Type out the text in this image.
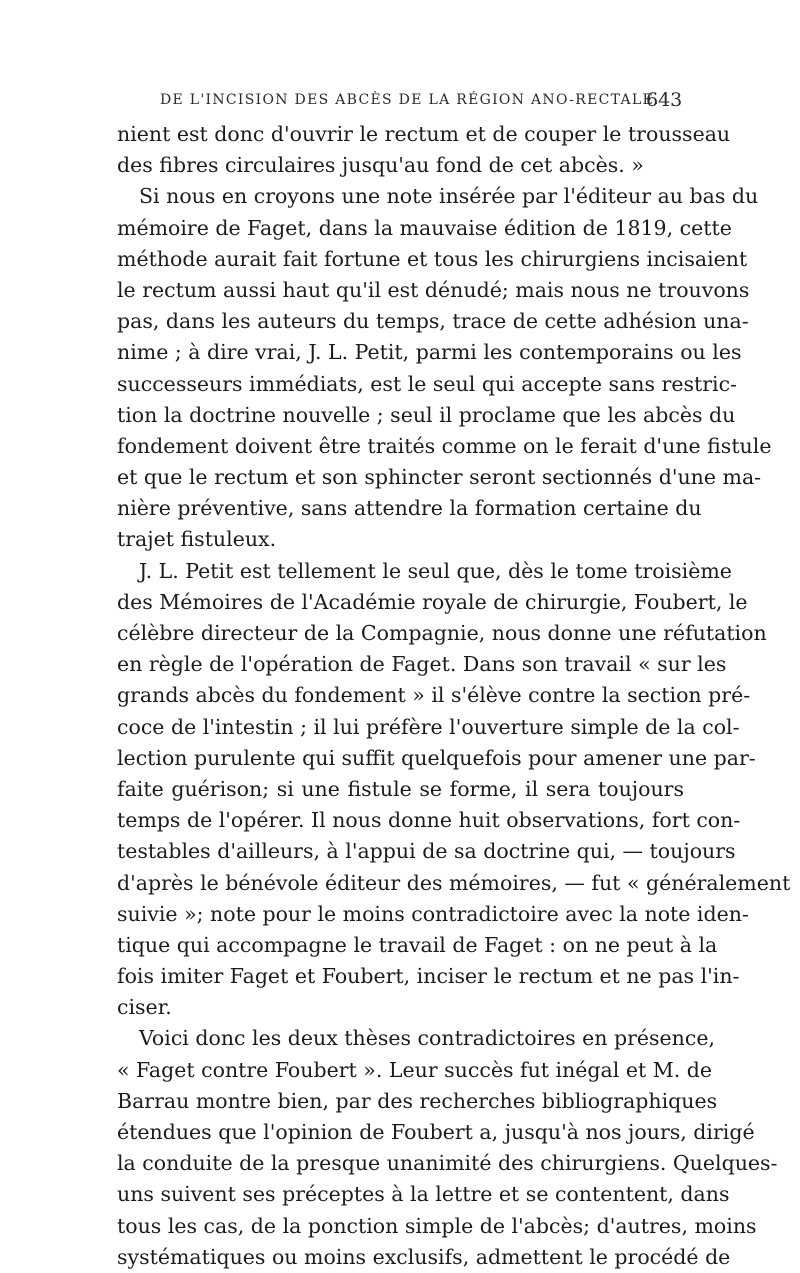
DE L'INCISION DES ABCÈS DE LA RÉGION ANO-RECTALE.
643
nient est donc d'ouvrir le rectum et de couper le trousseau
des fibres circulaires jusqu'au fond de cet abcès. »
Si nous en croyons une note insérée par l'éditeur au bas du
mémoire de Faget, dans la mauvaise édition de 1819, cette
méthode aurait fait fortune et tous les chirurgiens incisaient
le rectum aussi haut qu'il est dénudé; mais nous ne trouvons
pas, dans les auteurs du temps, trace de cette adhésion una-
nime ; à dire vrai, J. L. Petit, parmi les contemporains ou les
successeurs immédiats, est le seul qui accepte sans restric-
tion la doctrine nouvelle ; seul il proclame que les abcès du
fondement doivent être traités comme on le ferait d'une fistule
et que le rectum et son sphincter seront sectionnés d'une ma-
nière préventive, sans attendre la formation certaine du
trajet fistuleux.
J. L. Petit est tellement le seul que, dès le tome troisième
des Mémoires de l'Académie royale de chirurgie, Foubert, le
célèbre directeur de la Compagnie, nous donne une réfutation
en règle de l'opération de Faget. Dans son travail « sur les
grands abcès du fondement » il s'élève contre la section pré-
coce de l'intestin ; il lui préfère l'ouverture simple de la col-
lection purulente qui suffit quelquefois pour amener une par-
faite guérison; si une fistule se forme, il sera toujours
temps de l'opérer. Il nous donne huit observations, fort con-
testables d'ailleurs, à l'appui de sa doctrine qui, — toujours
d'après le bénévole éditeur des mémoires, — fut « généralement
suivie »; note pour le moins contradictoire avec la note iden-
tique qui accompagne le travail de Faget : on ne peut à la
fois imiter Faget et Foubert, inciser le rectum et ne pas l'in-
ciser.
Voici donc les deux thèses contradictoires en présence,
« Faget contre Foubert ». Leur succès fut inégal et M. de
Barrau montre bien, par des recherches bibliographiques
étendues que l'opinion de Foubert a, jusqu'à nos jours, dirigé
la conduite de la presque unanimité des chirurgiens. Quelques-
uns suivent ses préceptes à la lettre et se contentent, dans
tous les cas, de la ponction simple de l'abcès; d'autres, moins
systématiques ou moins exclusifs, admettent le procédé de
